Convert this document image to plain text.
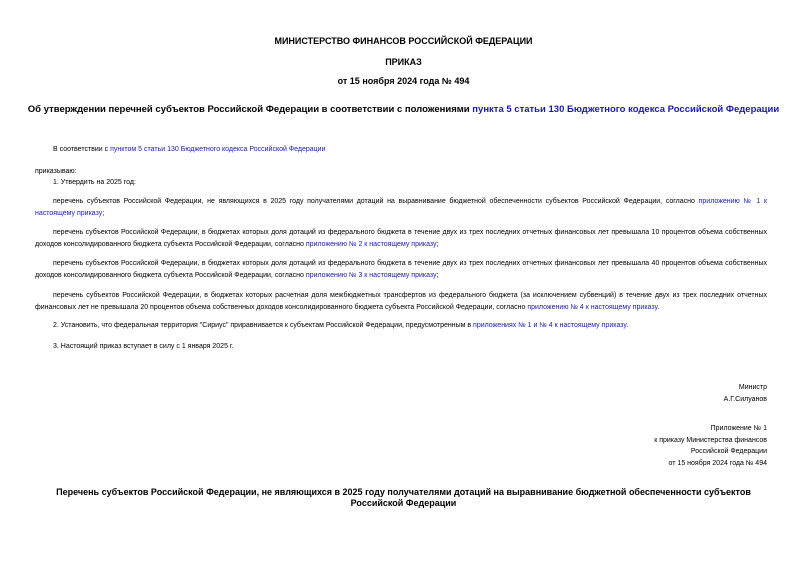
МИНИСТЕРСТВО ФИНАНСОВ РОССИЙСКОЙ ФЕДЕРАЦИИ
ПРИКАЗ
от 15 ноября 2024 года № 494
Об утверждении перечней субъектов Российской Федерации в соответствии с положениями пункта 5 статьи 130 Бюджетного кодекса Российской Федерации
В соответствии с пунктом 5 статьи 130 Бюджетного кодекса Российской Федерации
приказываю:
1. Утвердить на 2025 год:
перечень субъектов Российской Федерации, не являющихся в 2025 году получателями дотаций на выравнивание бюджетной обеспеченности субъектов Российской Федерации, согласно приложению № 1 к настоящему приказу;
перечень субъектов Российской Федерации, в бюджетах которых доля дотаций из федерального бюджета в течение двух из трех последних отчетных финансовых лет превышала 10 процентов объема собственных доходов консолидированного бюджета субъекта Российской Федерации, согласно приложению № 2 к настоящему приказу;
перечень субъектов Российской Федерации, в бюджетах которых доля дотаций из федерального бюджета в течение двух из трех последних отчетных финансовых лет превышала 40 процентов объема собственных доходов консолидированного бюджета субъекта Российской Федерации, согласно приложению № 3 к настоящему приказу;
перечень субъектов Российской Федерации, в бюджетах которых расчетная доля межбюджетных трансфертов из федерального бюджета (за исключением субвенций) в течение двух из трех последних отчетных финансовых лет не превышала 20 процентов объема собственных доходов консолидированного бюджета субъекта Российской Федерации, согласно приложению № 4 к настоящему приказу.
2. Установить, что федеральная территория "Сириус" приравнивается к субъектам Российской Федерации, предусмотренным в приложениях № 1 и № 4 к настоящему приказу.
3. Настоящий приказ вступает в силу с 1 января 2025 г.
Министр
А.Г.Силуанов
Приложение № 1
к приказу Министерства финансов
Российской Федерации
от 15 ноября 2024 года № 494
Перечень субъектов Российской Федерации, не являющихся в 2025 году получателями дотаций на выравнивание бюджетной обеспеченности субъектов Российской Федерации
